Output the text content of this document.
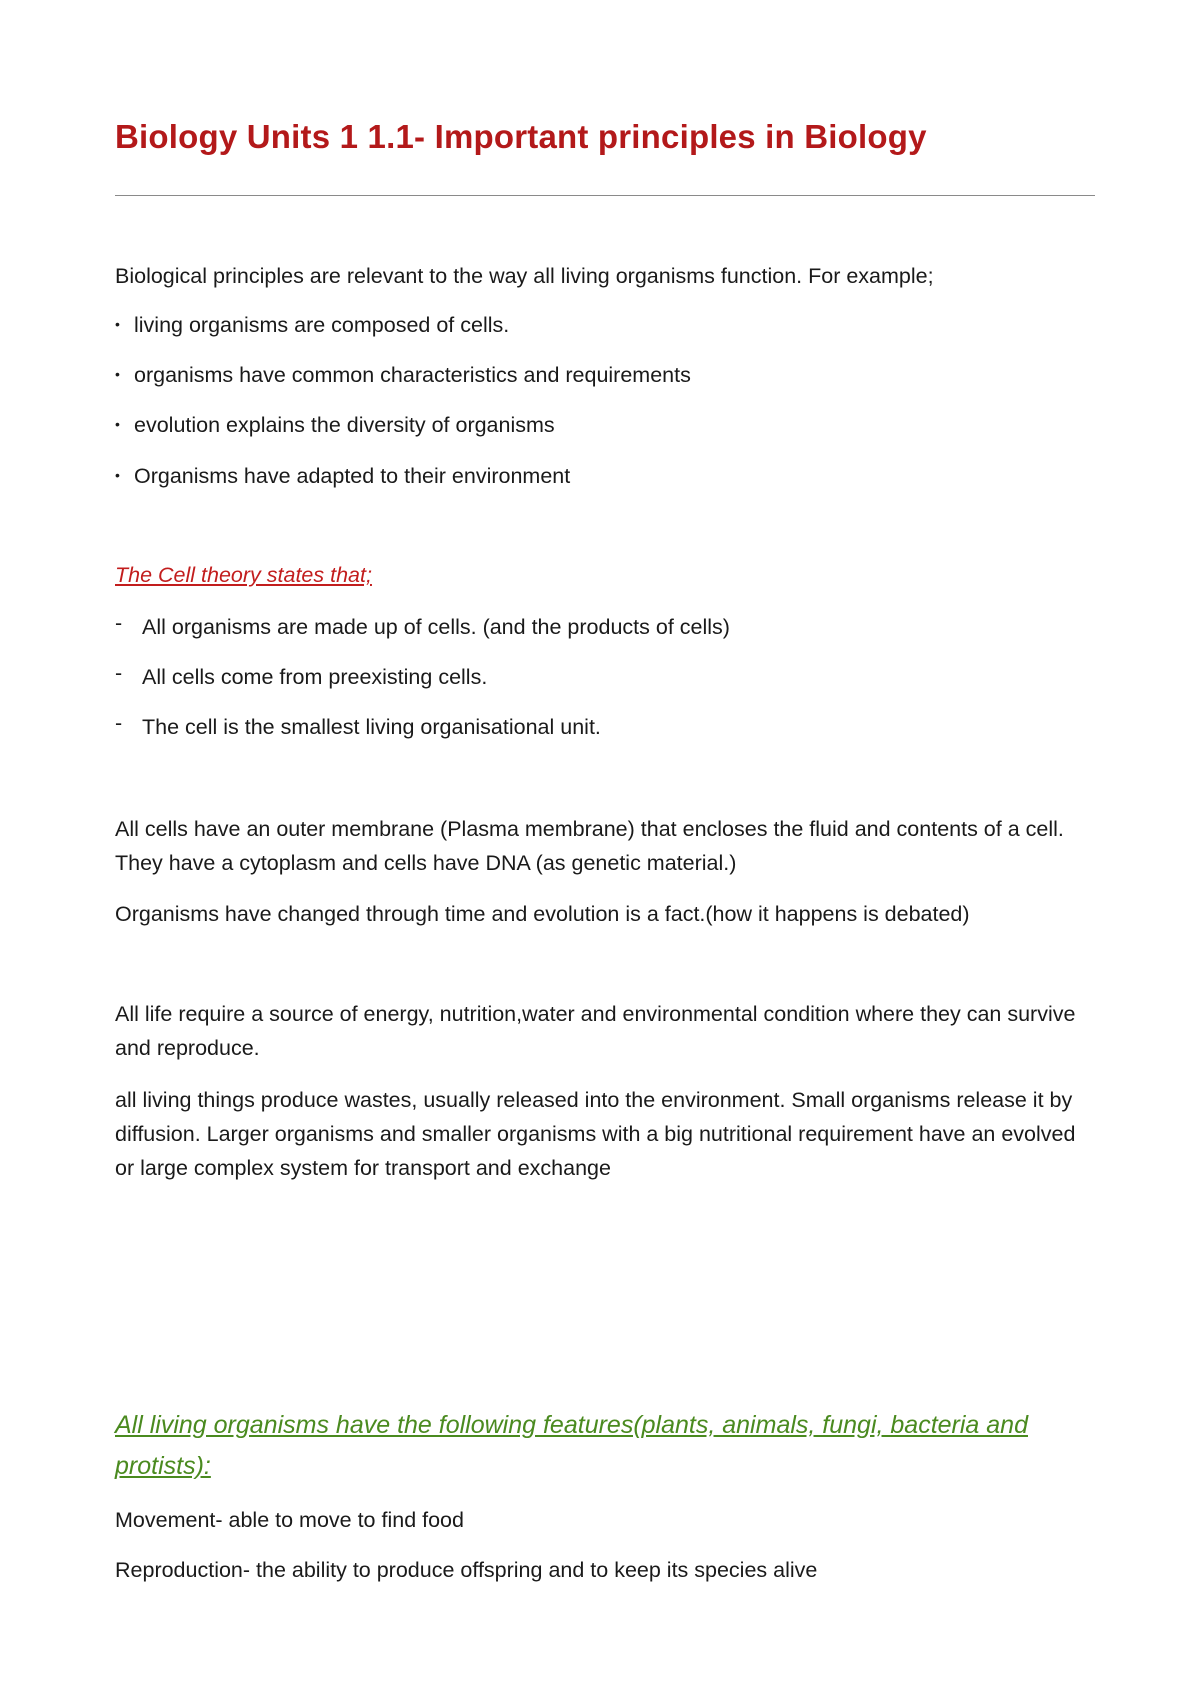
Biology Units 1 1.1- Important principles in Biology

Biological principles are relevant to the way all living organisms function. For example;

• living organisms are composed of cells.
• organisms have common characteristics and requirements
• evolution explains the diversity of organisms
• Organisms have adapted to their environment

The Cell theory states that;

- All organisms are made up of cells. (and the products of cells)
- All cells come from preexisting cells.
- The cell is the smallest living organisational unit.

All cells have an outer membrane (Plasma membrane) that encloses the fluid and contents of a cell. They have a cytoplasm and cells have DNA (as genetic material.)

Organisms have changed through time and evolution is a fact.(how it happens is debated)

All life require a source of energy, nutrition,water and environmental condition where they can survive and reproduce.

all living things produce wastes, usually released into the environment. Small organisms release it by diffusion. Larger organisms and smaller organisms with a big nutritional requirement have an evolved or large complex system for transport and exchange

All living organisms have the following features(plants, animals, fungi, bacteria and protists):

Movement- able to move to find food

Reproduction- the ability to produce offspring and to keep its species alive
